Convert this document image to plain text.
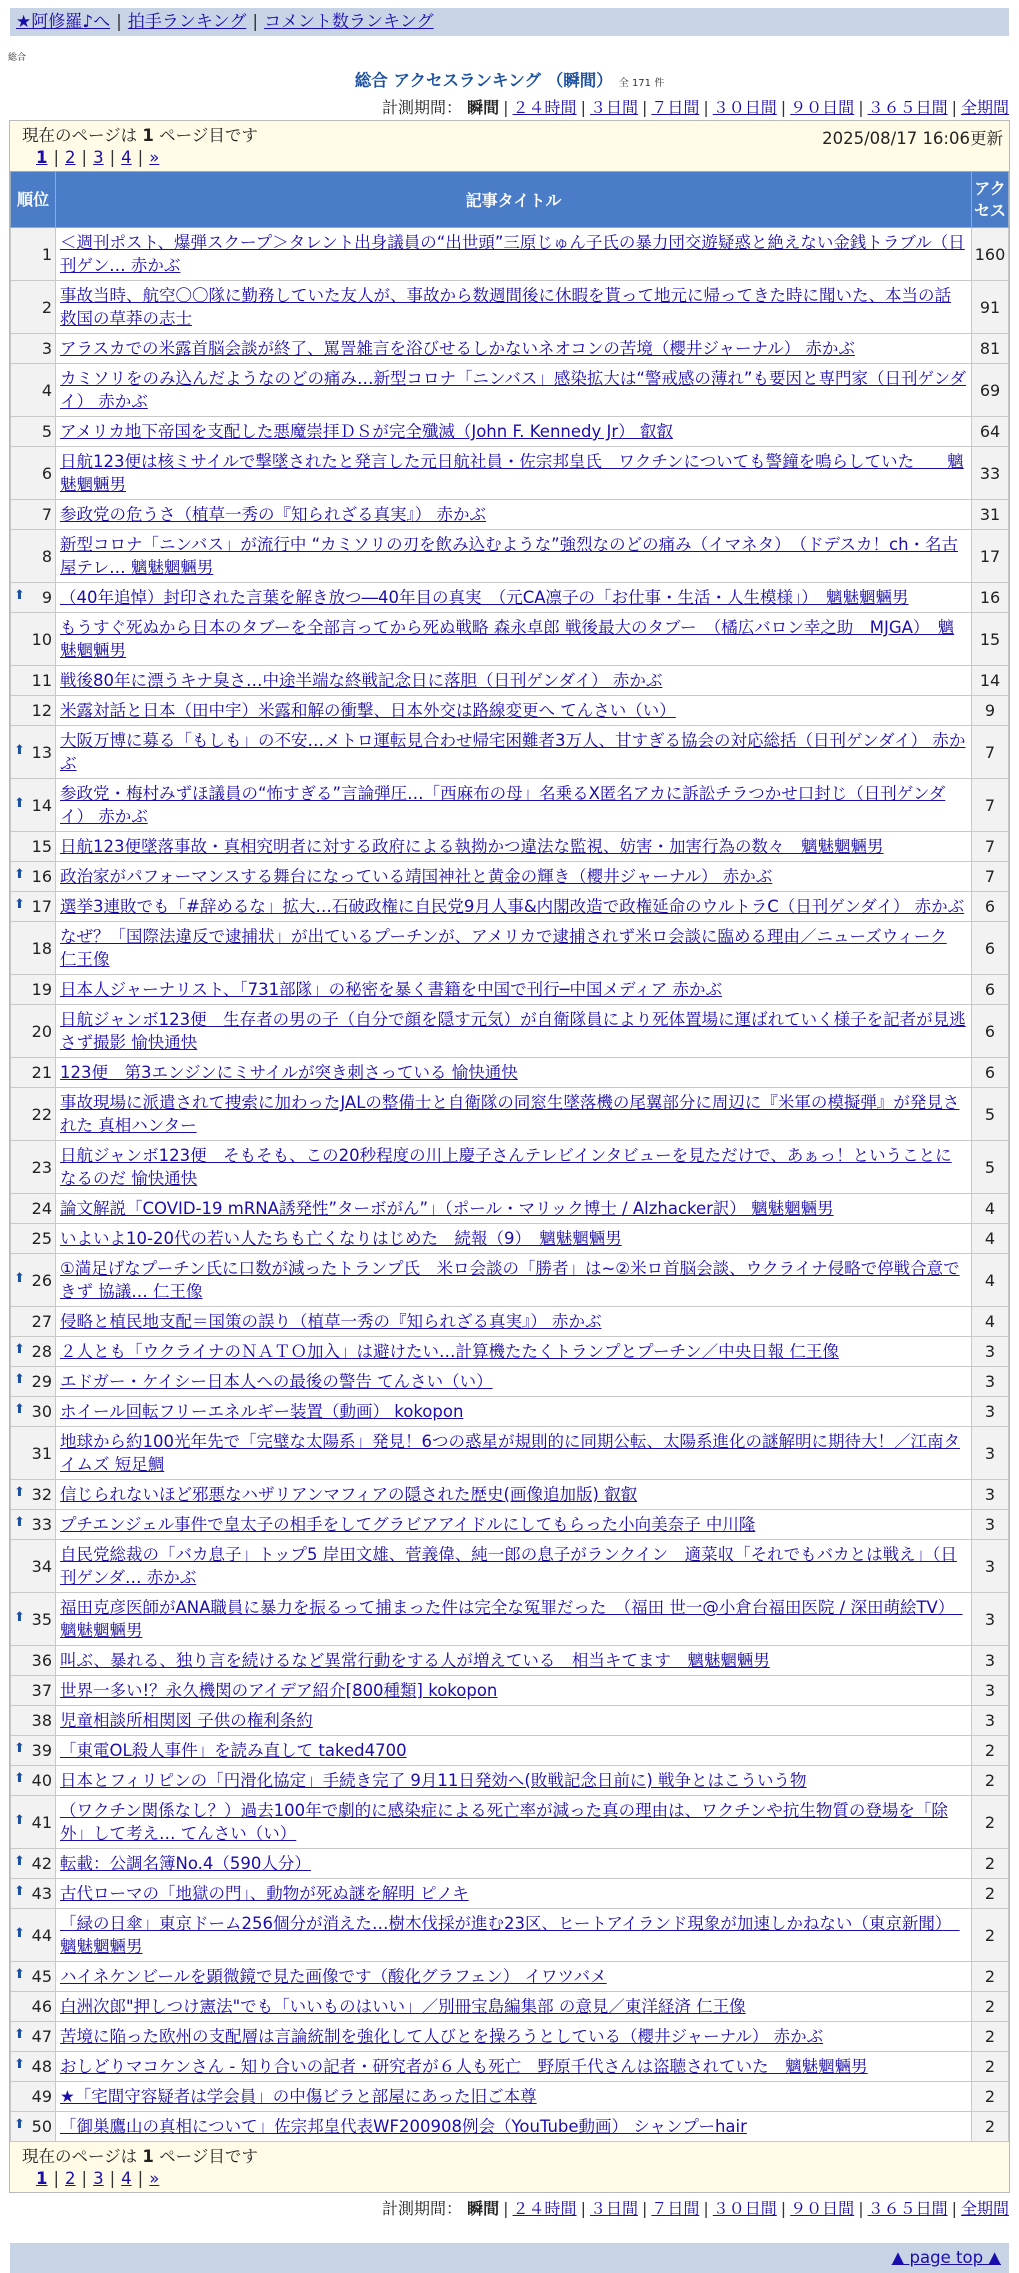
★阿修羅♪へ | 拍手ランキング | コメント数ランキング
総合
総合 アクセスランキング （瞬間） 全 171 件
計測期間： 瞬間 | ２４時間 | ３日間 | ７日間 | ３０日間 | ９０日間 | ３６５日間 | 全期間
現在のページは 1 ページ目です	2025/08/17 16:06更新
1 | 2 | 3 | 4 | »
順位	記事タイトル	アクセス
1	＜週刊ポスト、爆弾スクープ＞タレント出身議員の“出世頭”三原じゅん子氏の暴力団交遊疑惑と絶えない金銭トラブル（日刊ゲン… 赤かぶ	160
2	事故当時、航空〇〇隊に勤務していた友人が、事故から数週間後に休暇を貰って地元に帰ってきた時に聞いた、本当の話 救国の草莽の志士	91
3	アラスカでの米露首脳会談が終了、罵詈雑言を浴びせるしかないネオコンの苦境（櫻井ジャーナル） 赤かぶ	81
4	カミソリをのみ込んだようなのどの痛み…新型コロナ「ニンバス」感染拡大は“警戒感の薄れ”も要因と専門家（日刊ゲンダイ） 赤かぶ	69
5	アメリカ地下帝国を支配した悪魔崇拝ＤＳが完全殲滅（John F. Kennedy Jr） 叡叡	64
6	日航123便は核ミサイルで撃墜されたと発言した元日航社員・佐宗邦皇氏　ワクチンについても警鐘を鳴らしていた　　魑魅魍魎男	33
7	参政党の危うさ（植草一秀の『知られざる真実』） 赤かぶ	31
8	新型コロナ「ニンバス」が流行中 “カミソリの刃を飲み込むような”強烈なのどの痛み（イマネタ）　（ドデスカ！ch・名古屋テレ… 魑魅魍魎男	17

⬆ 9	（40年追悼）封印された言葉を解き放つ―40年目の真実　（元CA凛子の「お仕事・生活・人生模様」）　魑魅魍魎男	16
10	もうすぐ死ぬから日本のタブーを全部言ってから死ぬ戦略 森永卓郎 戦後最大のタブー　（橘広バロン幸之助　MJGA）　魑魅魍魎男	15
11	戦後80年に漂うキナ臭さ…中途半端な終戦記念日に落胆（日刊ゲンダイ） 赤かぶ	14
12	米露対話と日本（田中宇）米露和解の衝撃、日本外交は路線変更へ てんさい（い）	9

⬆ 13	大阪万博に募る「もしも」の不安…メトロ運転見合わせ帰宅困難者3万人、甘すぎる協会の対応総括（日刊ゲンダイ） 赤かぶ	7

⬆ 14	参政党・梅村みずほ議員の“怖すぎる”言論弾圧…「西麻布の母」名乗るX匿名アカに訴訟チラつかせ口封じ（日刊ゲンダイ） 赤かぶ	7
15	日航123便墜落事故・真相究明者に対する政府による執拗かつ違法な監視、妨害・加害行為の数々　魑魅魍魎男	7

⬆ 16	政治家がパフォーマンスする舞台になっている靖国神社と黄金の輝き（櫻井ジャーナル） 赤かぶ	7

⬆ 17	選挙3連敗でも「#辞めるな」拡大…石破政権に自民党9月人事&内閣改造で政権延命のウルトラC（日刊ゲンダイ） 赤かぶ	6
18	なぜ？「国際法違反で逮捕状」が出ているプーチンが、アメリカで逮捕されず米ロ会談に臨める理由／ニューズウィーク 仁王像	6
19	日本人ジャーナリスト、「731部隊」の秘密を暴く書籍を中国で刊行─中国メディア 赤かぶ	6
20	日航ジャンボ123便　生存者の男の子（自分で顔を隠す元気）が自衛隊員により死体置場に運ばれていく様子を記者が見逃さず撮影 愉快通快	6
21	123便　第3エンジンにミサイルが突き刺さっている 愉快通快	6
22	事故現場に派遣されて捜索に加わったJALの整備士と自衛隊の同窓生墜落機の尾翼部分に周辺に『米軍の模擬弾』が発見された 真相ハンター	5
23	日航ジャンボ123便　そもそも、この20秒程度の川上慶子さんテレビインタビューを見ただけで、あぁっ！ということになるのだ 愉快通快	5
24	論文解説「COVID-19 mRNA誘発性”ターボがん”」（ポール・マリック博士 / Alzhacker訳） 魑魅魍魎男	4
25	いよいよ10-20代の若い人たちも亡くなりはじめた　続報（9）　魑魅魍魎男	4

⬆ 26	①満足げなプーチン氏に口数が減ったトランプ氏　米ロ会談の「勝者」は~②米ロ首脳会談、ウクライナ侵略で停戦合意できず 協議… 仁王像	4
27	侵略と植民地支配＝国策の誤り（植草一秀の『知られざる真実』） 赤かぶ	4

⬆ 28	２人とも「ウクライナのＮＡＴＯ加入」は避けたい…計算機たたくトランプとプーチン／中央日報 仁王像	3

⬆ 29	エドガー・ケイシー日本人への最後の警告 てんさい（い）	3

⬆ 30	ホイール回転フリーエネルギー装置（動画） kokopon	3
31	地球から約100光年先で「完璧な太陽系」発見！6つの惑星が規則的に同期公転、太陽系進化の謎解明に期待大！／江南タイムズ 短足鯛	3

⬆ 32	信じられないほど邪悪なハザリアンマフィアの隠された歴史(画像追加版) 叡叡	3

⬆ 33	プチエンジェル事件で皇太子の相手をしてグラビアアイドルにしてもらった小向美奈子 中川隆	3
34	自民党総裁の「バカ息子」トップ5 岸田文雄、菅義偉、純一郎の息子がランクイン　適菜収「それでもバカとは戦え」（日刊ゲンダ… 赤かぶ	3

⬆ 35	福田克彦医師がANA職員に暴力を振るって捕まった件は完全な冤罪だった　（福田 世一@小倉台福田医院 / 深田萌絵TV）　魑魅魍魎男	3
36	叫ぶ、暴れる、独り言を続けるなど異常行動をする人が増えている　相当キてます　魑魅魍魎男	3
37	世界一多い!？永久機関のアイデア紹介[800種類] kokopon	3
38	児童相談所相関図 子供の権利条約	3

⬆ 39	「東電OL殺人事件」を読み直して taked4700	2

⬆ 40	日本とフィリピンの「円滑化協定」手続き完了 9月11日発効へ(敗戦記念日前に) 戦争とはこういう物	2

⬆ 41	（ワクチン関係なし？）過去100年で劇的に感染症による死亡率が減った真の理由は、ワクチンや抗生物質の登場を「除外」して考え… てんさい（い）	2

⬆ 42	転載：公調名簿No.4（590人分）	2

⬆ 43	古代ローマの「地獄の門」、動物が死ぬ謎を解明 ピノキ	2

⬆ 44	「緑の日傘」東京ドーム256個分が消えた…樹木伐採が進む23区、ヒートアイランド現象が加速しかねない（東京新聞）　魑魅魍魎男	2

⬆ 45	ハイネケンビールを顕微鏡で見た画像です（酸化グラフェン） イワツバメ	2
46	白洲次郎"押しつけ憲法"でも「いいものはいい」／別冊宝島編集部 の意見／東洋経済 仁王像	2

⬆ 47	苦境に陥った欧州の支配層は言論統制を強化して人びとを操ろうとしている（櫻井ジャーナル） 赤かぶ	2

⬆ 48	おしどりマコケンさん - 知り合いの記者・研究者が６人も死亡　野原千代さんは盗聴されていた　魑魅魍魎男	2
49	★「宅間守容疑者は学会員」の中傷ビラと部屋にあった旧ご本尊	2

⬆ 50	「御巣鷹山の真相について」佐宗邦皇代表WF200908例会（YouTube動画） シャンプーhair	2
現在のページは 1 ページ目です
1 | 2 | 3 | 4 | »
計測期間： 瞬間 | ２４時間 | ３日間 | ７日間 | ３０日間 | ９０日間 | ３６５日間 | 全期間
▲ page top ▲
